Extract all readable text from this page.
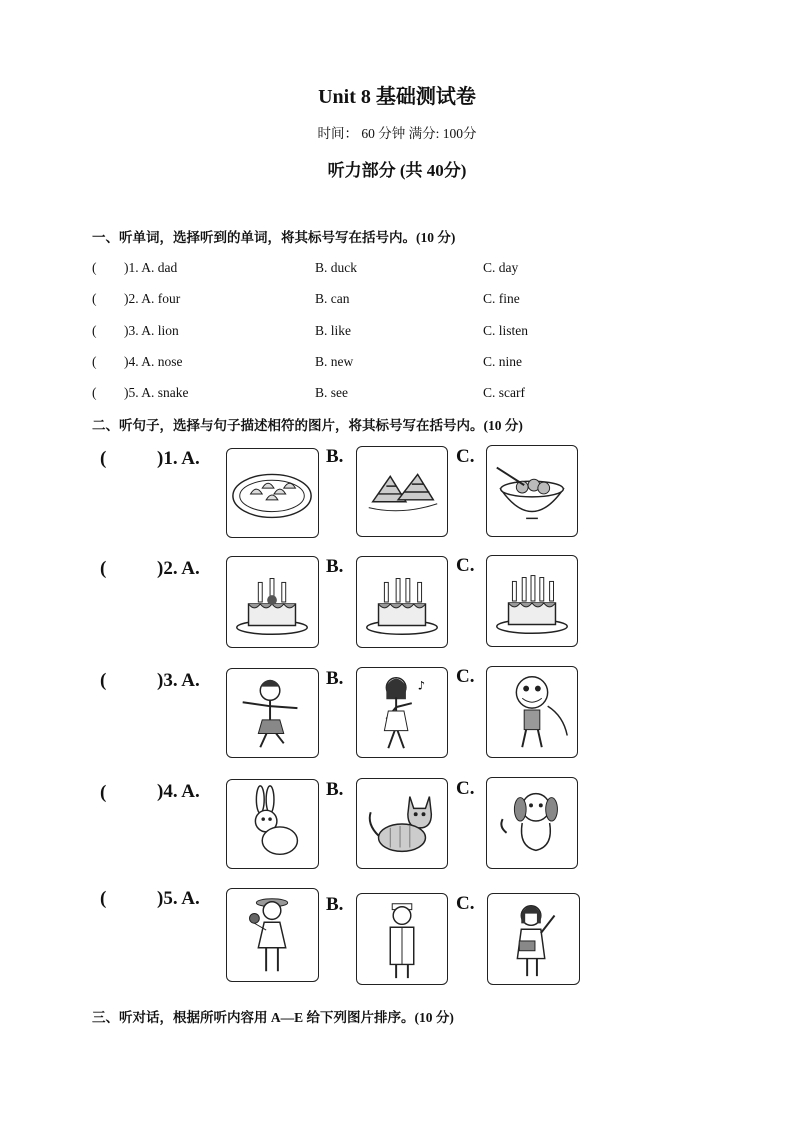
Unit 8 基础测试卷
时间： 60 分钟 满分: 100分
听力部分 (共 40分)
一、听单词，选择听到的单词，将其标号写在括号内。(10 分)
( )1. A. dad	B. duck	C. day
( )2. A. four	B. can	C. fine
( )3. A. lion	B. like	C. listen
( )4. A. nose	B. new	C. nine
( )5. A. snake	B. see	C. scarf
二、听句子，选择与句子描述相符的图片，将其标号写在括号内。(10 分)
(	)1. A.	B.	C.
(	)2. A.	B.	C.
(	)3. A.	B.	C.
♪
(	)4. A.	B.	C.
(	)5. A.	B.	C.
三、听对话，根据所听内容用 A—E 给下列图片排序。(10 分)
